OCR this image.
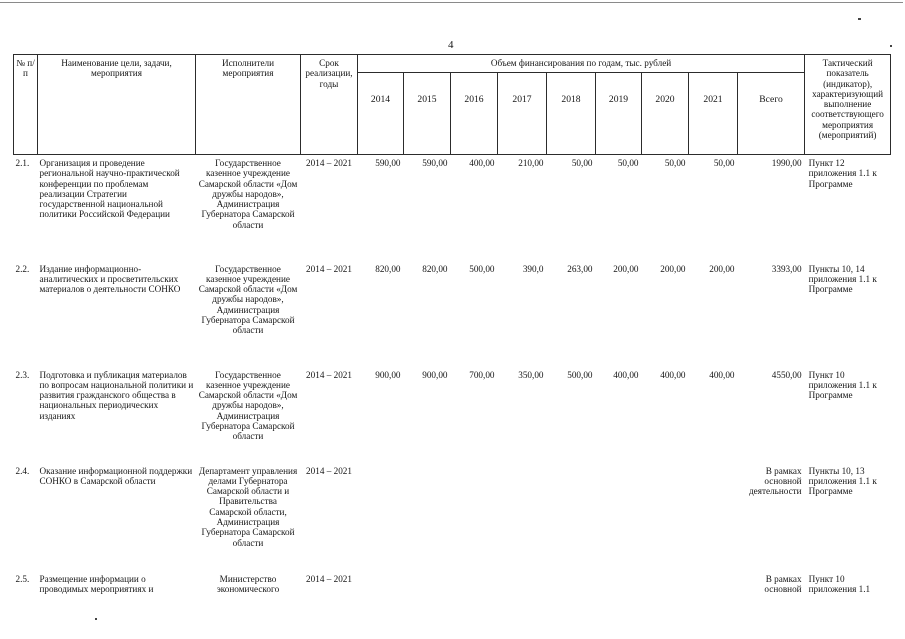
4
№ п/п	Наименование цели, задачи, мероприятия	Исполнители мероприятия	Срок реализации, годы	Объем финансирования по годам, тыс. рублей									Тактический показатель (индикатор), характеризующий выполнение соответствующего мероприятия (мероприятий)
				2014	2015	2016	2017	2018	2019	2020	2021	Всего	
2.1.	Организация и проведение региональной научно-практической конференции по проблемам реализации Стратегии государственной национальной политики Российской Федерации	Государственное казенное учреждение Самарской области «Дом дружбы народов», Администрация Губернатора Самарской области	2014 – 2021	590,00	590,00	400,00	210,00	50,00	50,00	50,00	50,00	1990,00	Пункт 12 приложения 1.1 к Программе
2.2.	Издание информационно-аналитических и просветительских материалов о деятельности СОНКО	Государственное казенное учреждение Самарской области «Дом дружбы народов», Администрация Губернатора Самарской области	2014 – 2021	820,00	820,00	500,00	390,0	263,00	200,00	200,00	200,00	3393,00	Пункты 10, 14 приложения 1.1 к Программе
2.3.	Подготовка и публикация материалов по вопросам национальной политики и развития гражданского общества в национальных периодических изданиях	Государственное казенное учреждение Самарской области «Дом дружбы народов», Администрация Губернатора Самарской области	2014 – 2021	900,00	900,00	700,00	350,00	500,00	400,00	400,00	400,00	4550,00	Пункт 10 приложения 1.1 к Программе
2.4.	Оказание информационной поддержки СОНКО в Самарской области	Департамент управления делами Губернатора Самарской области и Правительства Самарской области, Администрация Губернатора Самарской области	2014 – 2021									В рамках основной деятельности	Пункты 10, 13 приложения 1.1 к Программе
2.5.	Размещение информации о проводимых мероприятиях и	Министерство экономического	2014 – 2021									В рамках основной	Пункт 10 приложения 1.1
